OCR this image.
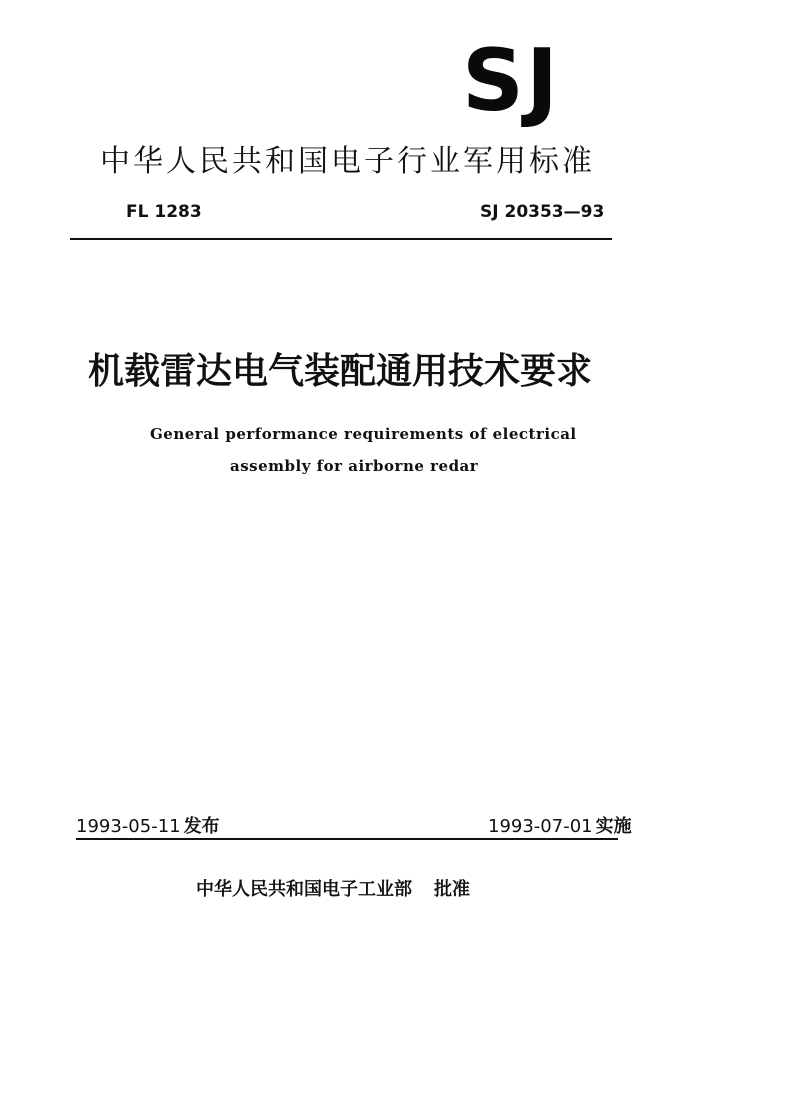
SJ
中华人民共和国电子行业军用标准
FL 1283	SJ 20353—93
机载雷达电气装配通用技术要求
General performance requirements of electrical
assembly for airborne redar
1993-05-11 发布	1993-07-01 实施
中华人民共和国电子工业部 批准
